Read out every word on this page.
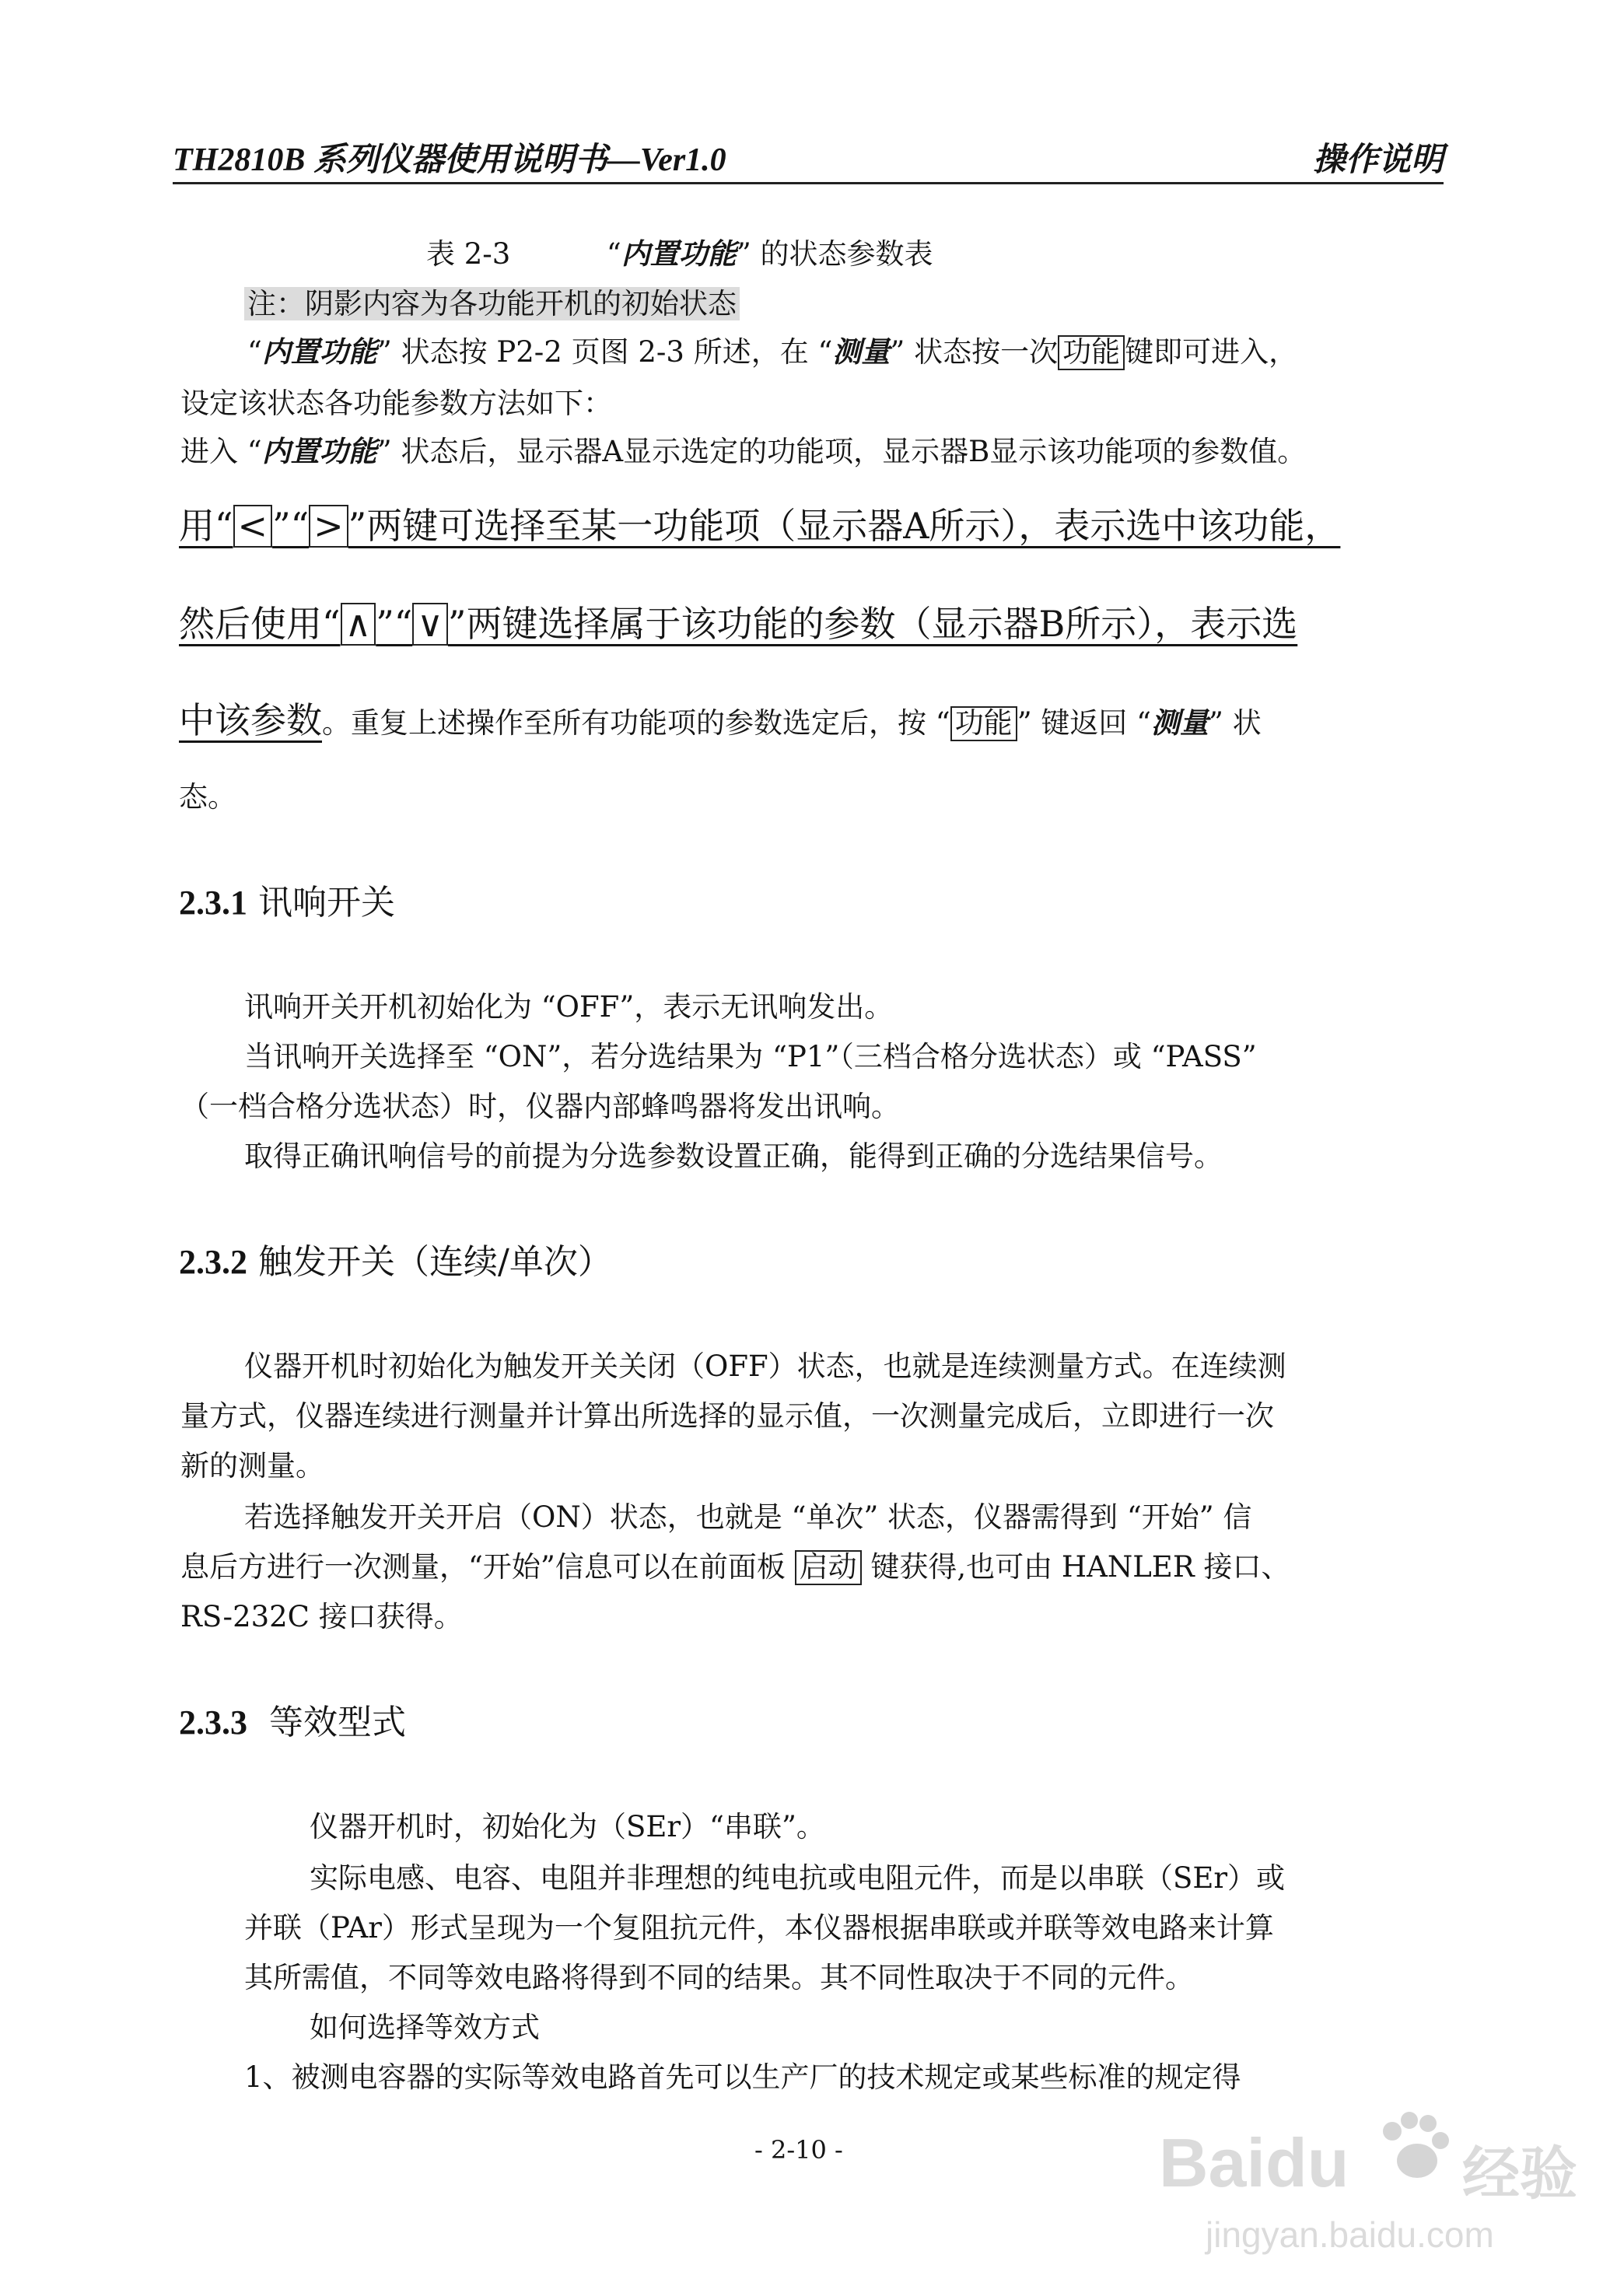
TH2810B 系列仪器使用说明书—Ver1.0	操作说明
表 2-3	“内置功能” 的状态参数表
注：阴影内容为各功能开机的初始状态
“内置功能” 状态按 P2-2 页图 2-3 所述，在 “测量” 状态按一次 功能 键即可进入，
设定该状态各功能参数方法如下：
进入 “内置功能” 状态后，显示器A显示选定的功能项，显示器B显示该功能项的参数值。
用“ < ”“ > ”两键可选择至某一功能项（显示器A所示），表示选中该功能，
然后使用“ ∧ ”“ ∨ ”两键选择属于该功能的参数（显示器B所示），表示选
中该参数。重复上述操作至所有功能项的参数选定后，按 “ 功能 ” 键返回 “测量” 状
态。
2.3.1 讯响开关
讯响开关开机初始化为 “OFF”，表示无讯响发出。
当讯响开关选择至 “ON”，若分选结果为 “P1”（三档合格分选状态）或 “PASS”
（一档合格分选状态）时，仪器内部蜂鸣器将发出讯响。
取得正确讯响信号的前提为分选参数设置正确，能得到正确的分选结果信号。
2.3.2 触发开关（连续/单次）
仪器开机时初始化为触发开关关闭（OFF）状态，也就是连续测量方式。在连续测
量方式，仪器连续进行测量并计算出所选择的显示值，一次测量完成后，立即进行一次
新的测量。
若选择触发开关开启（ON）状态，也就是 “单次” 状态，仪器需得到 “开始” 信
息后方进行一次测量，“开始”信息可以在前面板 启动 键获得,也可由 HANLER 接口、
RS-232C 接口获得。
2.3.3 等效型式
仪器开机时，初始化为（SEr）“串联”。
实际电感、电容、电阻并非理想的纯电抗或电阻元件，而是以串联（SEr）或
并联（PAr）形式呈现为一个复阻抗元件，本仪器根据串联或并联等效电路来计算
其所需值，不同等效电路将得到不同的结果。其不同性取决于不同的元件。
如何选择等效方式
1、被测电容器的实际等效电路首先可以生产厂的技术规定或某些标准的规定得
- 2-10 -	Baidu 经验
jingyan.baidu.com
